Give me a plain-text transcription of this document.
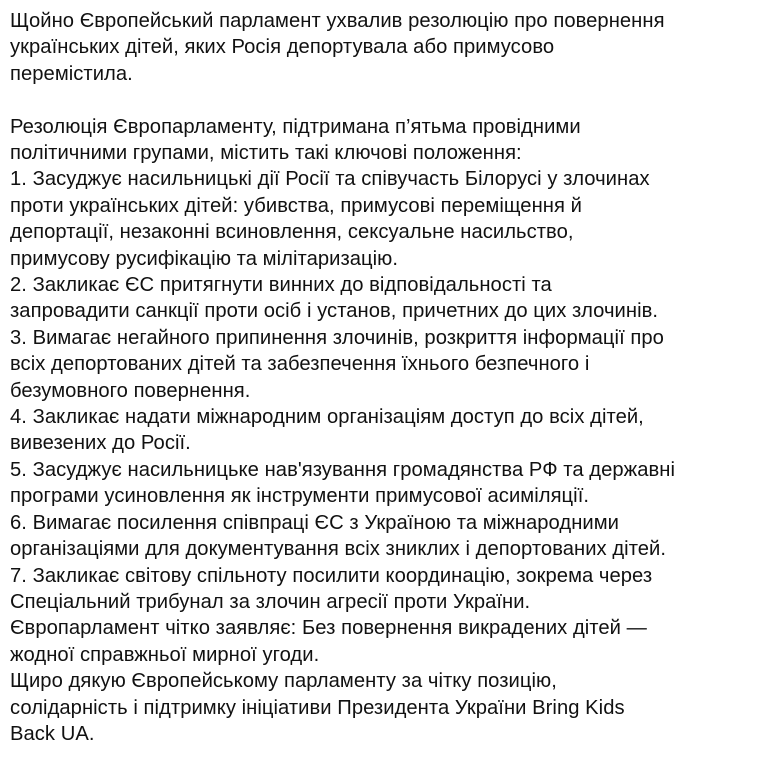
Щойно Європейський парламент ухвалив резолюцію про повернення

українських дітей, яких Росія депортувала або примусово

перемістила.

Резолюція Європарламенту, підтримана п’ятьма провідними

політичними групами, містить такі ключові положення:

1. Засуджує насильницькі дії Росії та співучасть Білорусі у злочинах

проти українських дітей: убивства, примусові переміщення й

депортації, незаконні всиновлення, сексуальне насильство,

примусову русифікацію та мілітаризацію.

2. Закликає ЄС притягнути винних до відповідальності та

запровадити санкції проти осіб і установ, причетних до цих злочинів.

3. Вимагає негайного припинення злочинів, розкриття інформації про

всіх депортованих дітей та забезпечення їхнього безпечного і

безумовного повернення.

4. Закликає надати міжнародним організаціям доступ до всіх дітей,

вивезених до Росії.

5. Засуджує насильницьке нав'язування громадянства РФ та державні

програми усиновлення як інструменти примусової асиміляції.

6. Вимагає посилення співпраці ЄС з Україною та міжнародними

організаціями для документування всіх зниклих і депортованих дітей.

7. Закликає світову спільноту посилити координацію, зокрема через

Спеціальний трибунал за злочин агресії проти України.

Європарламент чітко заявляє: Без повернення викрадених дітей —

жодної справжньої мирної угоди.

Щиро дякую Європейському парламенту за чітку позицію,

солідарність і підтримку ініціативи Президента України Bring Kids

Back UA.
